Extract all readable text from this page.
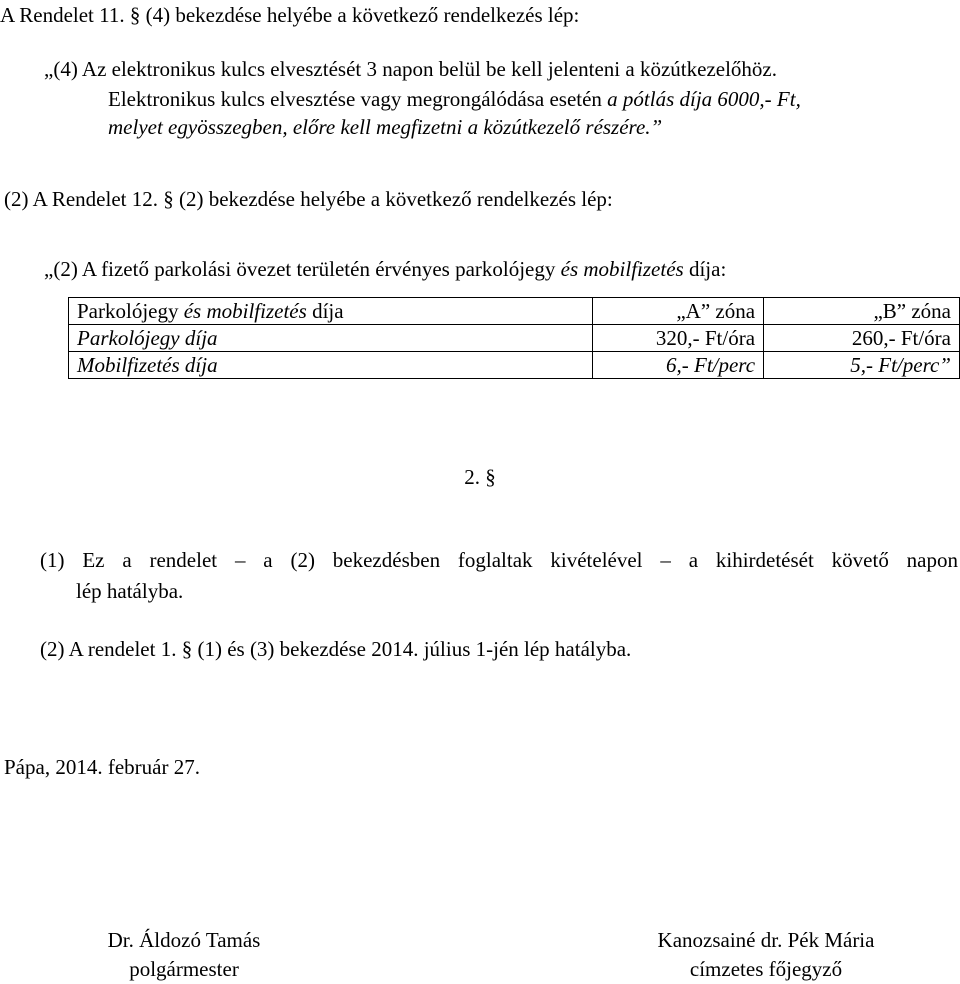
A Rendelet 11. § (4) bekezdése helyébe a következő rendelkezés lép:
„(4) Az elektronikus kulcs elvesztését 3 napon belül be kell jelenteni a közútkezelőhöz.
Elektronikus kulcs elvesztése vagy megrongálódása esetén a pótlás díja 6000,- Ft,
melyet egyösszegben, előre kell megfizetni a közútkezelő részére.”
(2) A Rendelet 12. § (2) bekezdése helyébe a következő rendelkezés lép:
„(2) A fizető parkolási övezet területén érvényes parkolójegy és mobilfizetés díja:
Parkolójegy és mobilfizetés díja	„A” zóna	„B” zóna
Parkolójegy díja	320,- Ft/óra	260,- Ft/óra
Mobilfizetés díja	6,- Ft/perc	5,- Ft/perc”
2. §
(1) Ez a rendelet – a (2) bekezdésben foglaltak kivételével – a kihirdetését követő napon
lép hatályba.
(2) A rendelet 1. § (1) és (3) bekezdése 2014. július 1-jén lép hatályba.
Pápa, 2014. február 27.
Dr. Áldozó Tamás
polgármester
Kanozsainé dr. Pék Mária
címzetes főjegyző
